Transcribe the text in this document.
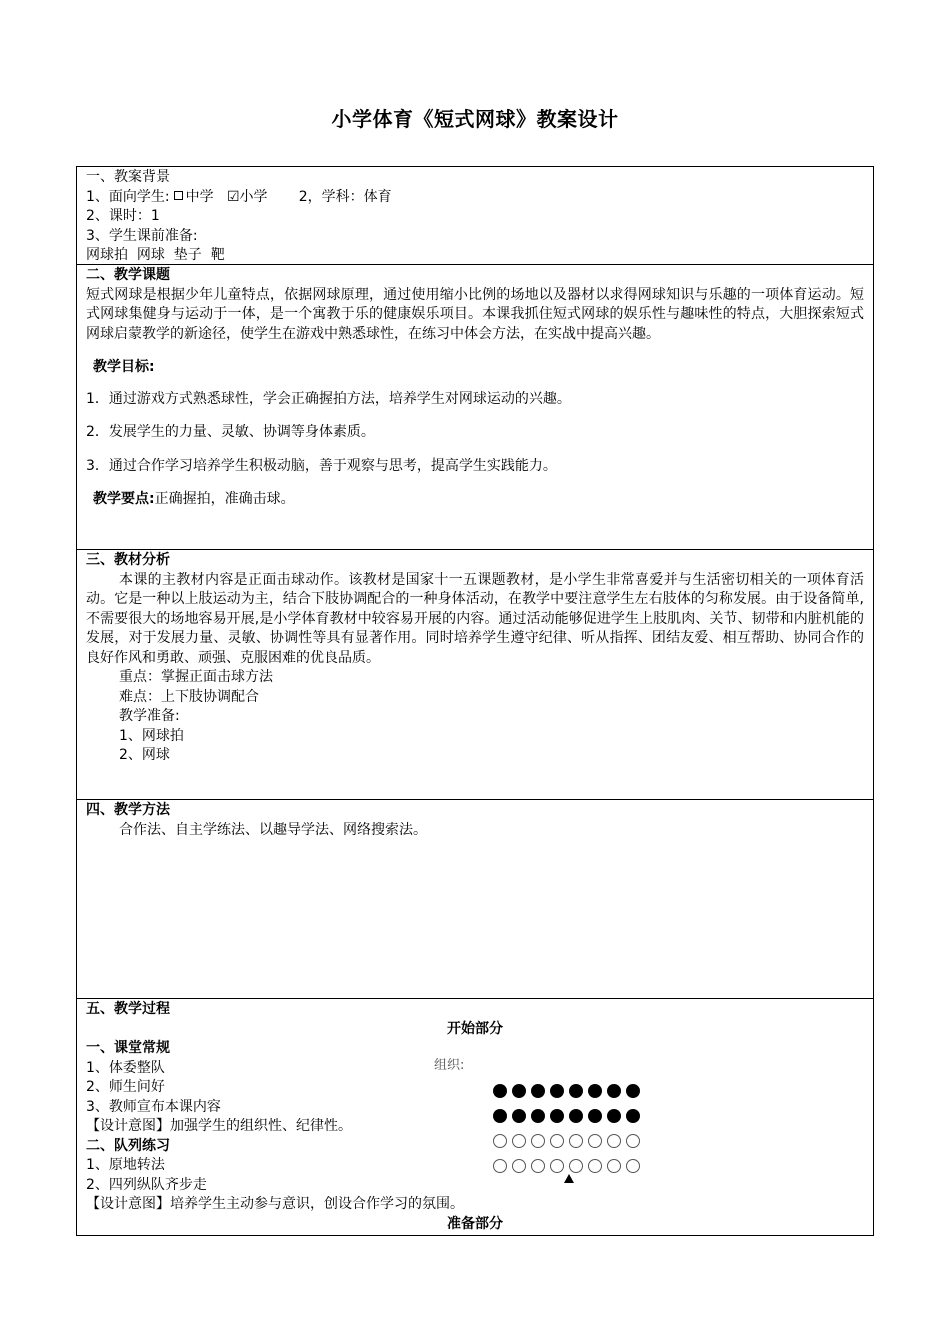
小学体育《短式网球》教案设计
一、教案背景
1、面向学生: 中学 ☑小学 2，学科：体育
2、课时：1
3、学生课前准备:
网球拍  网球  垫子  靶
二、教学课题
短式网球是根据少年儿童特点，依据网球原理，通过使用缩小比例的场地以及器材以求得网球知识与乐趣的一项体育运动。短式网球集健身与运动于一体，是一个寓教于乐的健康娱乐项目。本课我抓住短式网球的娱乐性与趣味性的特点，大胆探索短式网球启蒙教学的新途径，使学生在游戏中熟悉球性，在练习中体会方法，在实战中提高兴趣。
教学目标:
1．通过游戏方式熟悉球性，学会正确握拍方法，培养学生对网球运动的兴趣。
2．发展学生的力量、灵敏、协调等身体素质。
3．通过合作学习培养学生积极动脑，善于观察与思考，提高学生实践能力。
教学要点:正确握拍，准确击球。
三、教材分析
本课的主教材内容是正面击球动作。该教材是国家十一五课题教材，是小学生非常喜爱并与生活密切相关的一项体育活动。它是一种以上肢运动为主，结合下肢协调配合的一种身体活动，在教学中要注意学生左右肢体的匀称发展。由于设备简单,不需要很大的场地容易开展,是小学体育教材中较容易开展的内容。通过活动能够促进学生上肢肌肉、关节、韧带和内脏机能的发展，对于发展力量、灵敏、协调性等具有显著作用。同时培养学生遵守纪律、听从指挥、团结友爱、相互帮助、协同合作的良好作风和勇敢、顽强、克服困难的优良品质。
重点：掌握正面击球方法
难点：上下肢协调配合
教学准备:
1、网球拍
2、网球
四、教学方法
合作法、自主学练法、以趣导学法、网络搜索法。
五、教学过程
开始部分
一、课堂常规
1、体委整队
2、师生问好
3、教师宣布本课内容
【设计意图】加强学生的组织性、纪律性。
二、队列练习
1、原地转法
2、四列纵队齐步走
【设计意图】培养学生主动参与意识，创设合作学习的氛围。
准备部分
组织:
